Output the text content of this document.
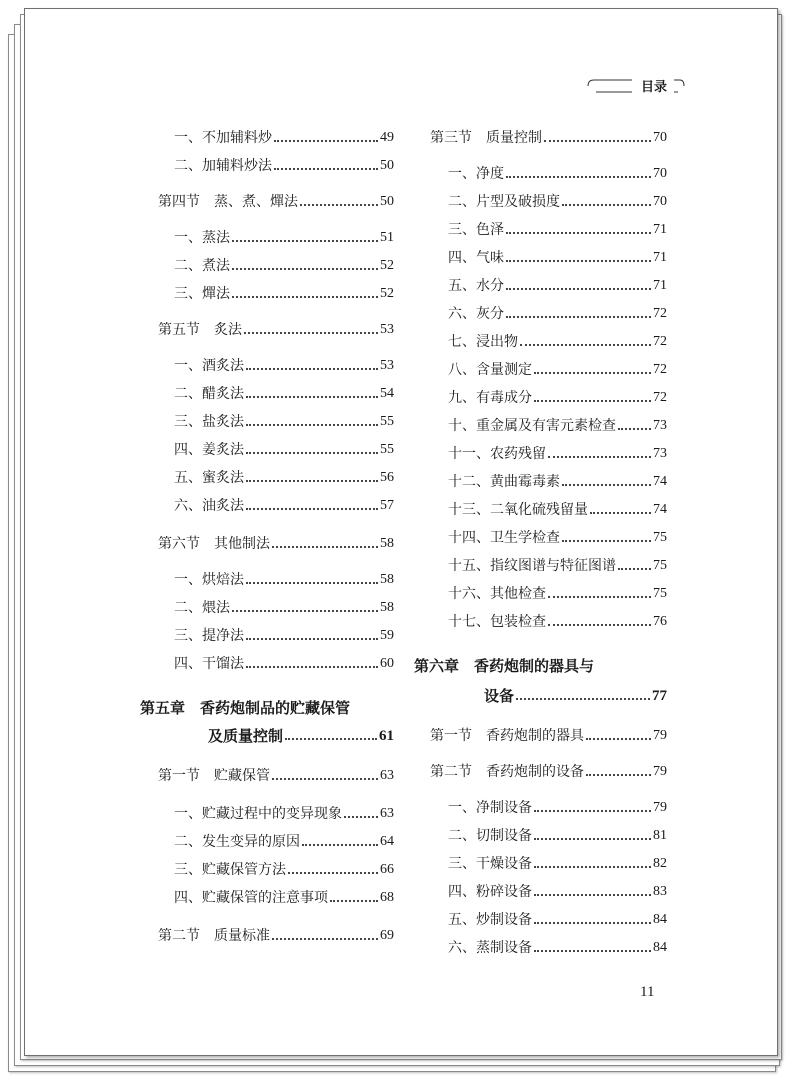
目录
一、不加辅料炒	49
二、加辅料炒法	50
第四节　蒸、煮、燀法	50
一、蒸法	51
二、煮法	52
三、燀法	52
第五节　炙法	53
一、酒炙法	53
二、醋炙法	54
三、盐炙法	55
四、姜炙法	55
五、蜜炙法	56
六、油炙法	57
第六节　其他制法	58
一、烘焙法	58
二、煨法	58
三、提净法	59
四、干馏法	60
第五章　香药炮制品的贮藏保管
及质量控制	61
第一节　贮藏保管	63
一、贮藏过程中的变异现象	63
二、发生变异的原因	64
三、贮藏保管方法	66
四、贮藏保管的注意事项	68
第二节　质量标准	69
第三节　质量控制	70
一、净度	70
二、片型及破损度	70
三、色泽	71
四、气味	71
五、水分	71
六、灰分	72
七、浸出物	72
八、含量测定	72
九、有毒成分	72
十、重金属及有害元素检查	73
十一、农药残留	73
十二、黄曲霉毒素	74
十三、二氧化硫残留量	74
十四、卫生学检查	75
十五、指纹图谱与特征图谱	75
十六、其他检查	75
十七、包装检查	76
第六章　香药炮制的器具与
设备	77
第一节　香药炮制的器具	79
第二节　香药炮制的设备	79
一、净制设备	79
二、切制设备	81
三、干燥设备	82
四、粉碎设备	83
五、炒制设备	84
六、蒸制设备	84
11
